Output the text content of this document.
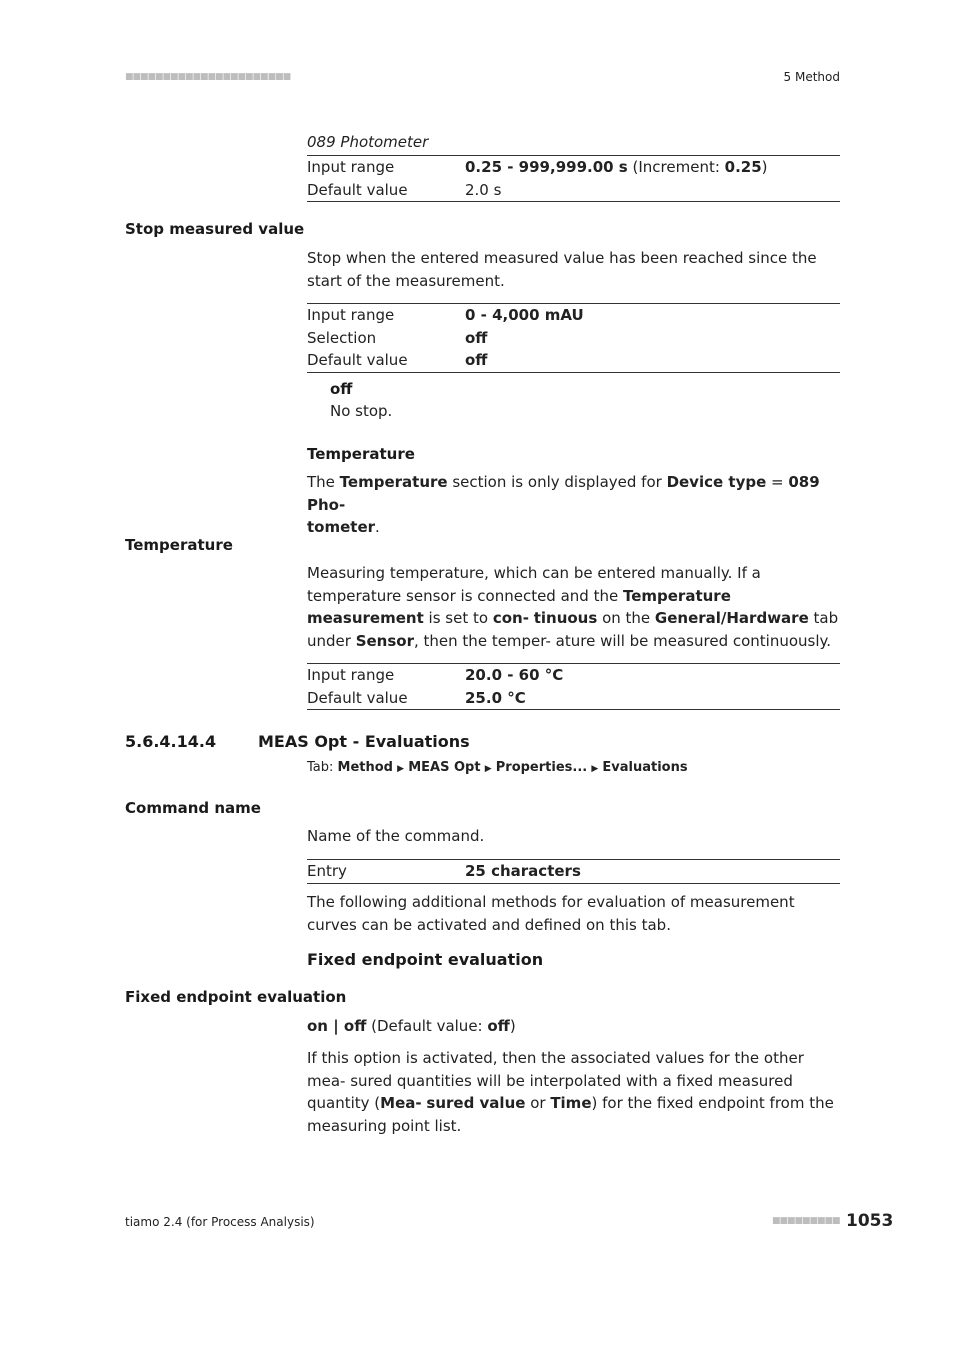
■■■■■■■■■■■■■■■■■■■■■■	5 Method
089 Photometer
Input range	0.25 - 999,999.00 s (Increment: 0.25)
Default value	2.0 s
Stop measured value
Stop when the entered measured value has been reached since the start of the measurement.
Input range	0 - 4,000 mAU
Selection	off
Default value	off
off
No stop.
Temperature
The Temperature section is only displayed for Device type = 089 Pho-
tometer.
Temperature
Measuring temperature, which can be entered manually. If a temperature sensor is connected and the Temperature measurement is set to con- tinuous on the General/Hardware tab under Sensor, then the temper- ature will be measured continuously.
Input range	20.0 - 60 °C
Default value	25.0 °C
5.6.4.14.4	MEAS Opt - Evaluations
Tab: Method ▶ MEAS Opt ▶ Properties... ▶ Evaluations
Command name
Name of the command.
Entry	25 characters
The following additional methods for evaluation of measurement curves can be activated and defined on this tab.
Fixed endpoint evaluation
Fixed endpoint evaluation
on | off (Default value: off)
If this option is activated, then the associated values for the other mea- sured quantities will be interpolated with a fixed measured quantity (Mea- sured value or Time) for the fixed endpoint from the measuring point list.
tiamo 2.4 (for Process Analysis)	■■■■■■■■■ 1053
